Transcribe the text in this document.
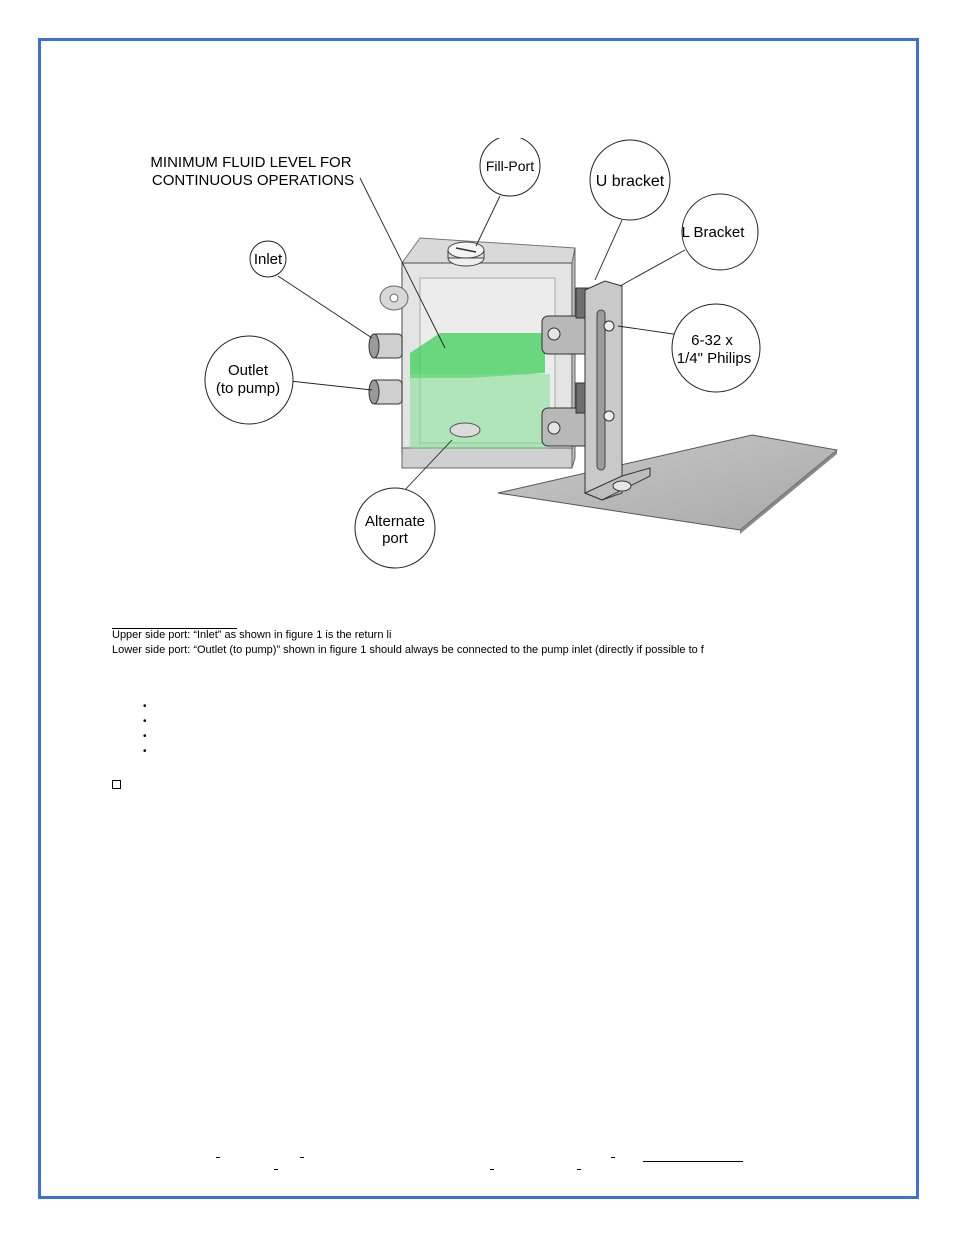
MINIMUM FLUID LEVEL FOR
CONTINUOUS OPERATIONS
Fill-Port
U bracket
L Bracket
Inlet
Outlet
(to pump)
6-32 x
1/4" Philips
Alternate
port
Upper side port: “Inlet” as shown in figure 1 is the return li
Lower side port: “Outlet (to pump)” shown in figure 1 should always be connected to the pump inlet (directly if possible to f
•
•
•
•
